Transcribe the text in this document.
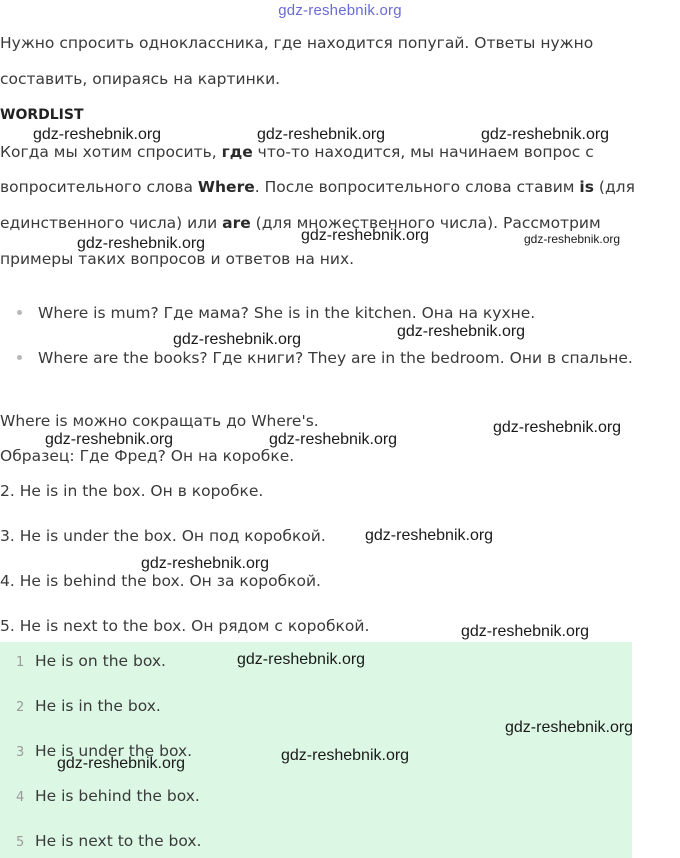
gdz-reshebnik.org
Нужно спросить одноклассника, где находится попугай. Ответы нужно
составить, опираясь на картинки.
WORDLIST
Когда мы хотим спросить, где что-то находится, мы начинаем вопрос с
вопросительного слова Where. После вопросительного слова ставим is (для
единственного числа) или are (для множественного числа). Рассмотрим
примеры таких вопросов и ответов на них.
Where is mum? Где мама? She is in the kitchen. Она на кухне.
Where are the books? Где книги? They are in the bedroom. Они в спальне.
Where is можно сокращать до Where's.
Образец: Где Фред? Он на коробке.
2. He is in the box. Он в коробке.
3. He is under the box. Он под коробкой.
4. He is behind the box. Он за коробкой.
5. He is next to the box. Он рядом с коробкой.
1 He is on the box.
2 He is in the box.
3 He is under the box.
4 He is behind the box.
5 He is next to the box.
gdz-reshebnik.org	gdz-reshebnik.org	gdz-reshebnik.org
gdz-reshebnik.org	gdz-reshebnik.org	gdz-reshebnik.org
gdz-reshebnik.org	gdz-reshebnik.org
gdz-reshebnik.org	gdz-reshebnik.org
gdz-reshebnik.org
gdz-reshebnik.org
gdz-reshebnik.org
gdz-reshebnik.org
gdz-reshebnik.org
gdz-reshebnik.org
gdz-reshebnik.org
gdz-reshebnik.org
